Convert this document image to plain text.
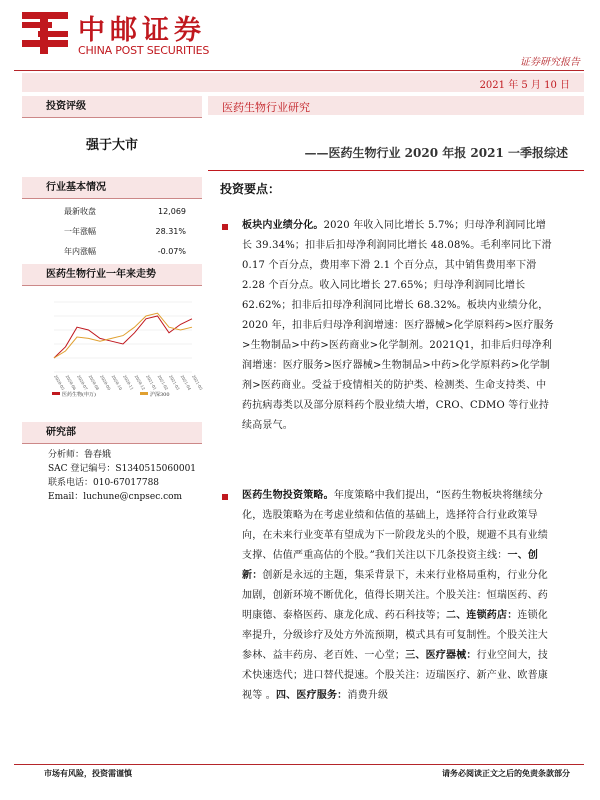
中邮证券
CHINA POST SECURITIES
证券研究报告
2021 年 5 月 10 日
投资评级
强于大市
行业基本情况
最新收盘	12,069
一年涨幅	28.31%
年内涨幅	-0.07%
医药生物行业一年来走势
2020-05
2020-06
2020-07
2020-08
2020-09
2020-10
2020-11
2020-12
2021-01
2021-02
2021-03
2021-04
2021-05
医药生物(申万)	沪深300
研究部
分析师：鲁春娥
SAC 登记编号：S1340515060001
联系电话：010-67017788
Email：luchune@cnpsec.com
医药生物行业研究
——医药生物行业 2020 年报 2021 一季报综述
投资要点：
板块内业绩分化。2020 年收入同比增长 5.7%；归母净利润同比增长 39.34%；扣非后扣母净利润同比增长 48.08%。毛利率同比下滑 0.17 个百分点，费用率下滑 2.1 个百分点，其中销售费用率下滑 2.28 个百分点。收入同比增长 27.65%；归母净利润同比增长 62.62%；扣非后扣母净利润同比增长 68.32%。板块内业绩分化，2020 年，扣非后归母净利润增速：医疗器械>化学原料药>医疗服务>生物制品>中药>医药商业>化学制剂。2021Q1，扣非后归母净利润增速：医疗服务>医疗器械>生物制品>中药>化学原料药>化学制剂>医药商业。受益于疫情相关的防护类、检测类、生命支持类、中药抗病毒类以及部分原料药个股业绩大增，CRO、CDMO 等行业持续高景气。
医药生物投资策略。年度策略中我们提出，“医药生物板块将继续分化，选股策略为在考虑业绩和估值的基础上，选择符合行业政策导向，在未来行业变革有望成为下一阶段龙头的个股，规避不具有业绩支撑、估值严重高估的个股。”我们关注以下几条投资主线：一、创新：创新是永远的主题，集采背景下，未来行业格局重构，行业分化加剧，创新环境不断优化，值得长期关注。个股关注：恒瑞医药、药明康德、泰格医药、康龙化成、药石科技等；二、连锁药店：连锁化率提升，分级诊疗及处方外流预期，模式具有可复制性。个股关注大参林、益丰药房、老百姓、一心堂；三、医疗器械：行业空间大，技术快速迭代；进口替代提速。个股关注：迈瑞医疗、新产业、欧普康视等 。四、医疗服务：消费升级
市场有风险，投资需谨慎	请务必阅读正文之后的免责条款部分
